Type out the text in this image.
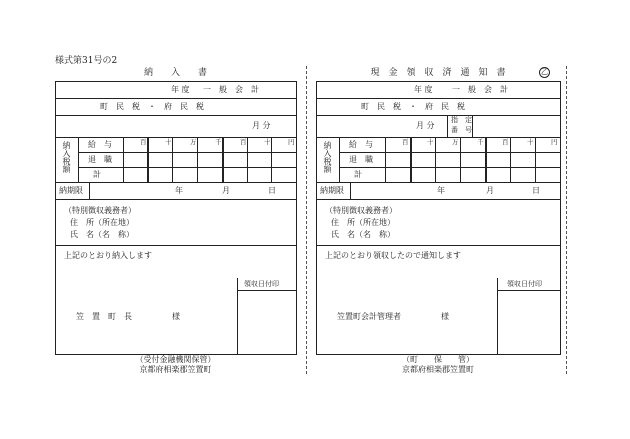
様式第31号の2
納　　入　　書
年 度 一　般　会　計
町　民　税　・　府　民　税
月 分
納入税額 給　与
退　職
計
百	十	万	千	百	十	円
納期限	年	月	日
（特別徴収義務者）
住　所（所在地）
氏　名（名　称）
上記のとおり納入します
領収日付印
笠　置　町　長	様
（受付金融機関保管）
京都府相楽郡笠置町
現　金　領　収　済　通　知　書	乙
年 度 一　般　会　計
町　民　税　・　府　民　税
月 分
指　定
番　号
納入税額 給　与
退　職
計
百	十	万	千	百	十	円
納期限	年	月	日
（特別徴収義務者）
住　所（所在地）
氏　名（名　称）
上記のとおり領収したので通知します
領収日付印
笠置町会計管理者	様
（町　　保　　管）
京都府相楽郡笠置町
